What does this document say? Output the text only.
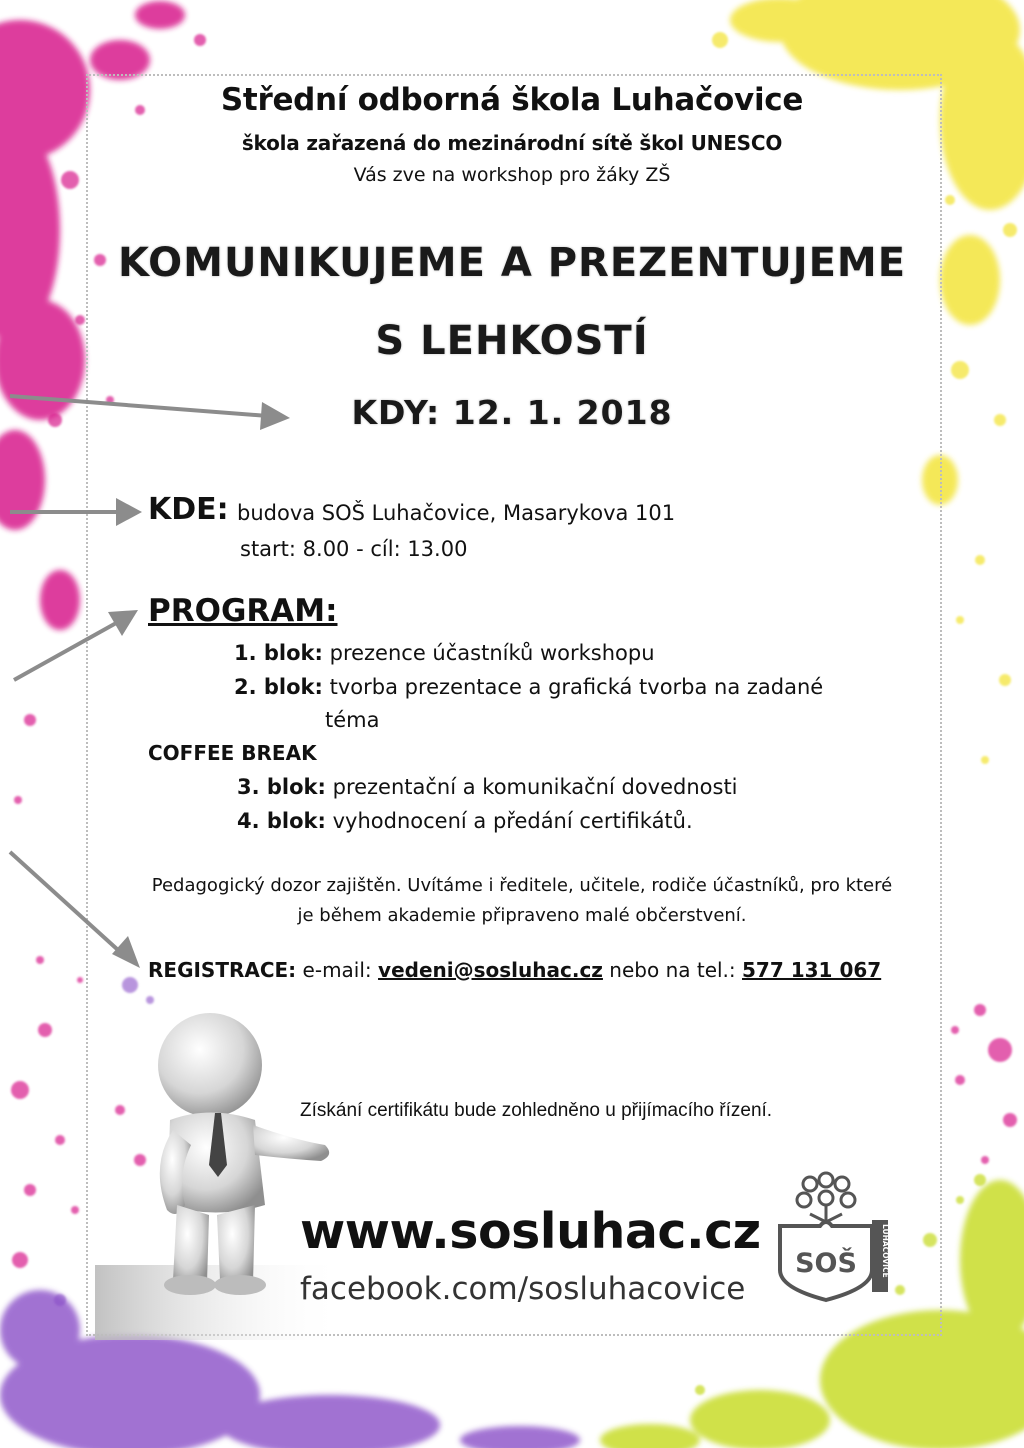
Střední odborná škola Luhačovice
škola zařazená do mezinárodní sítě škol UNESCO
Vás zve na workshop pro žáky ZŠ
KOMUNIKUJEME A PREZENTUJEME
S LEHKOSTÍ
KDY: 12. 1. 2018
KDE: budova SOŠ Luhačovice, Masarykova 101
start: 8.00 - cíl: 13.00
PROGRAM:
1. blok: prezence účastníků workshopu
2. blok: tvorba prezentace a grafická tvorba na zadané
téma
COFFEE BREAK
3. blok: prezentační a komunikační dovednosti
4. blok: vyhodnocení a předání certifikátů.
Pedagogický dozor zajištěn. Uvítáme i ředitele, učitele, rodiče účastníků, pro které je během akademie připraveno malé občerstvení.
REGISTRACE: e-mail: vedeni@sosluhac.cz nebo na tel.: 577 131 067
Získání certifikátu bude zohledněno u přijímacího řízení.
www.sosluhac.cz
facebook.com/sosluhacovice
SOŠ	LUHAČOVICE
